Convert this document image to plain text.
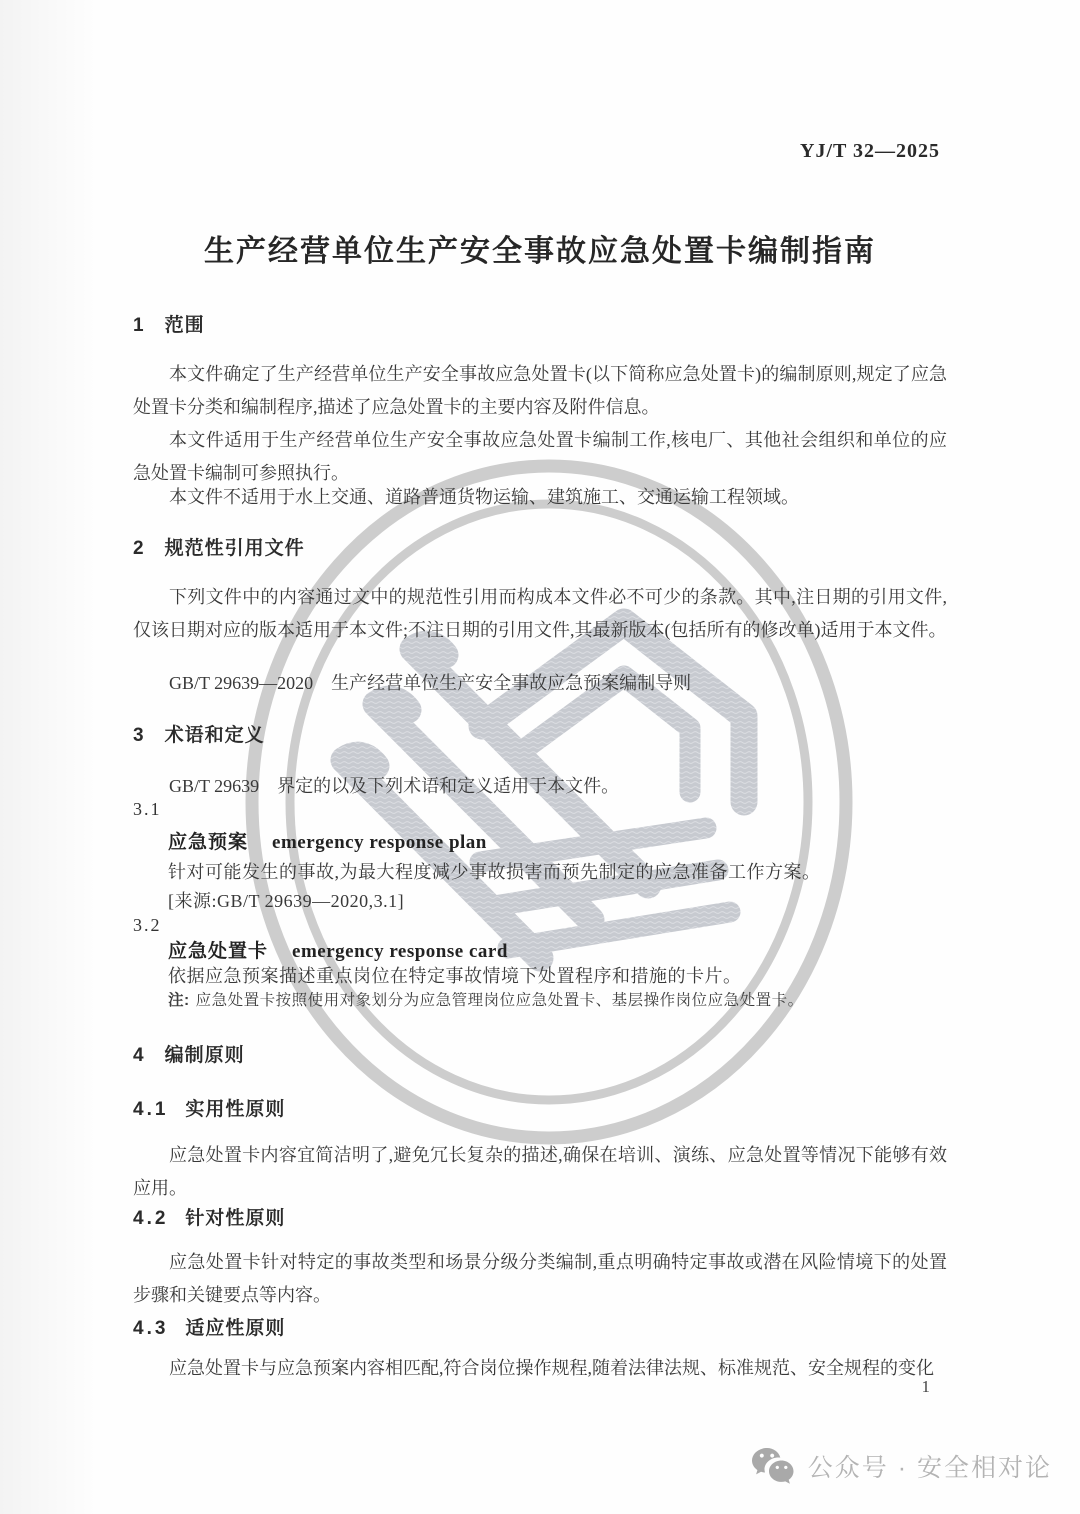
YJ/T 32—2025
生产经营单位生产安全事故应急处置卡编制指南
1 范围

本文件确定了生产经营单位生产安全事故应急处置卡(以下简称应急处置卡)的编制原则,规定了应急处置卡分类和编制程序,描述了应急处置卡的主要内容及附件信息。

本文件适用于生产经营单位生产安全事故应急处置卡编制工作,核电厂、其他社会组织和单位的应急处置卡编制可参照执行。

本文件不适用于水上交通、道路普通货物运输、建筑施工、交通运输工程领域。

2 规范性引用文件

下列文件中的内容通过文中的规范性引用而构成本文件必不可少的条款。其中,注日期的引用文件,仅该日期对应的版本适用于本文件;不注日期的引用文件,其最新版本(包括所有的修改单)适用于本文件。

GB/T 29639—2020　生产经营单位生产安全事故应急预案编制导则

3 术语和定义

GB/T 29639　界定的以及下列术语和定义适用于本文件。

3.1
应急预案 emergency response plan
针对可能发生的事故,为最大程度减少事故损害而预先制定的应急准备工作方案。
[来源:GB/T 29639—2020,3.1]
3.2
应急处置卡 emergency response card
依据应急预案描述重点岗位在特定事故情境下处置程序和措施的卡片。
注: 应急处置卡按照使用对象划分为应急管理岗位应急处置卡、基层操作岗位应急处置卡。
4 编制原则
4.1 实用性原则

应急处置卡内容宜简洁明了,避免冗长复杂的描述,确保在培训、演练、应急处置等情况下能够有效应用。

4.2 针对性原则

应急处置卡针对特定的事故类型和场景分级分类编制,重点明确特定事故或潜在风险情境下的处置步骤和关键要点等内容。

4.3 适应性原则

应急处置卡与应急预案内容相匹配,符合岗位操作规程,随着法律法规、标准规范、安全规程的变化

1
公众号 · 安全相对论
